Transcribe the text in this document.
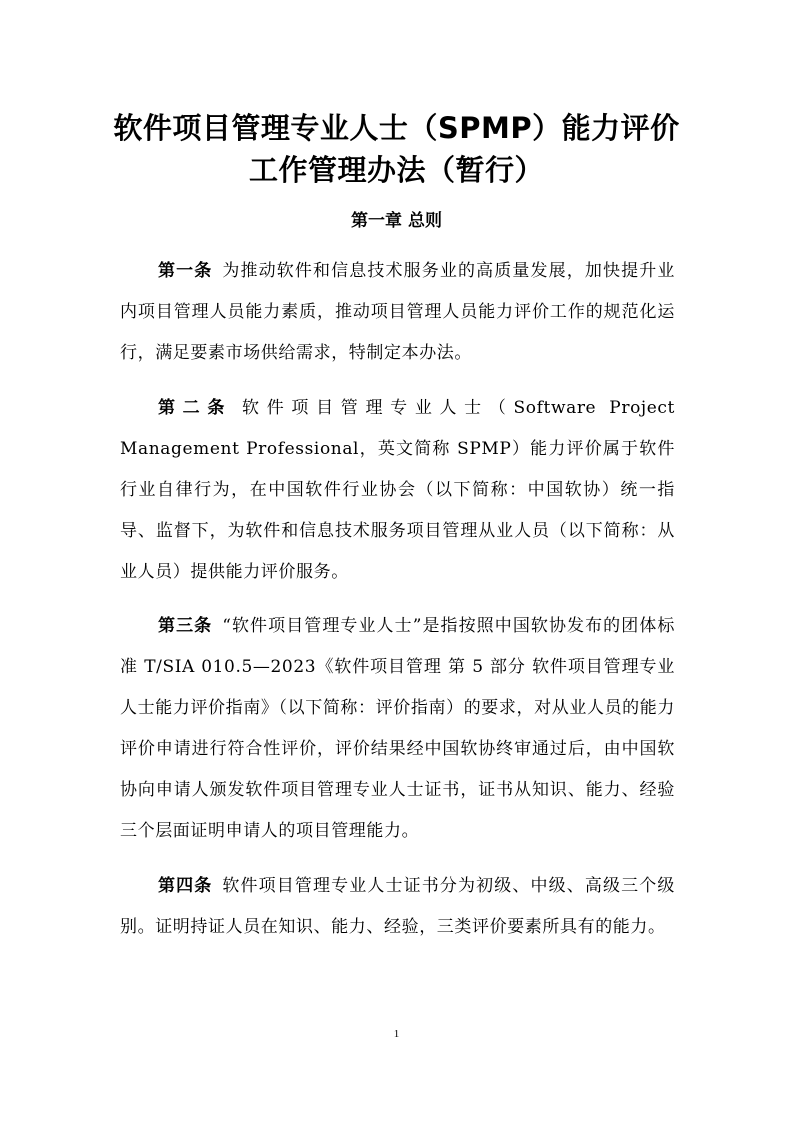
软件项目管理专业人士（SPMP）能力评价
工作管理办法（暂行）
第一章 总则

第一条 为推动软件和信息技术服务业的高质量发展，加快提升业内项目管理人员能力素质，推动项目管理人员能力评价工作的规范化运行，满足要素市场供给需求，特制定本办法。

第二条 软件项目管理专业人士（Software Project Management Professional，英文简称 SPMP）能力评价属于软件行业自律行为，在中国软件行业协会（以下简称：中国软协）统一指导、监督下，为软件和信息技术服务项目管理从业人员（以下简称：从业人员）提供能力评价服务。

第三条 “软件项目管理专业人士”是指按照中国软协发布的团体标准 T/SIA 010.5—2023《软件项目管理 第 5 部分 软件项目管理专业人士能力评价指南》（以下简称：评价指南）的要求，对从业人员的能力评价申请进行符合性评价，评价结果经中国软协终审通过后，由中国软协向申请人颁发软件项目管理专业人士证书，证书从知识、能力、经验三个层面证明申请人的项目管理能力。

第四条 软件项目管理专业人士证书分为初级、中级、高级三个级别。证明持证人员在知识、能力、经验，三类评价要素所具有的能力。

1
